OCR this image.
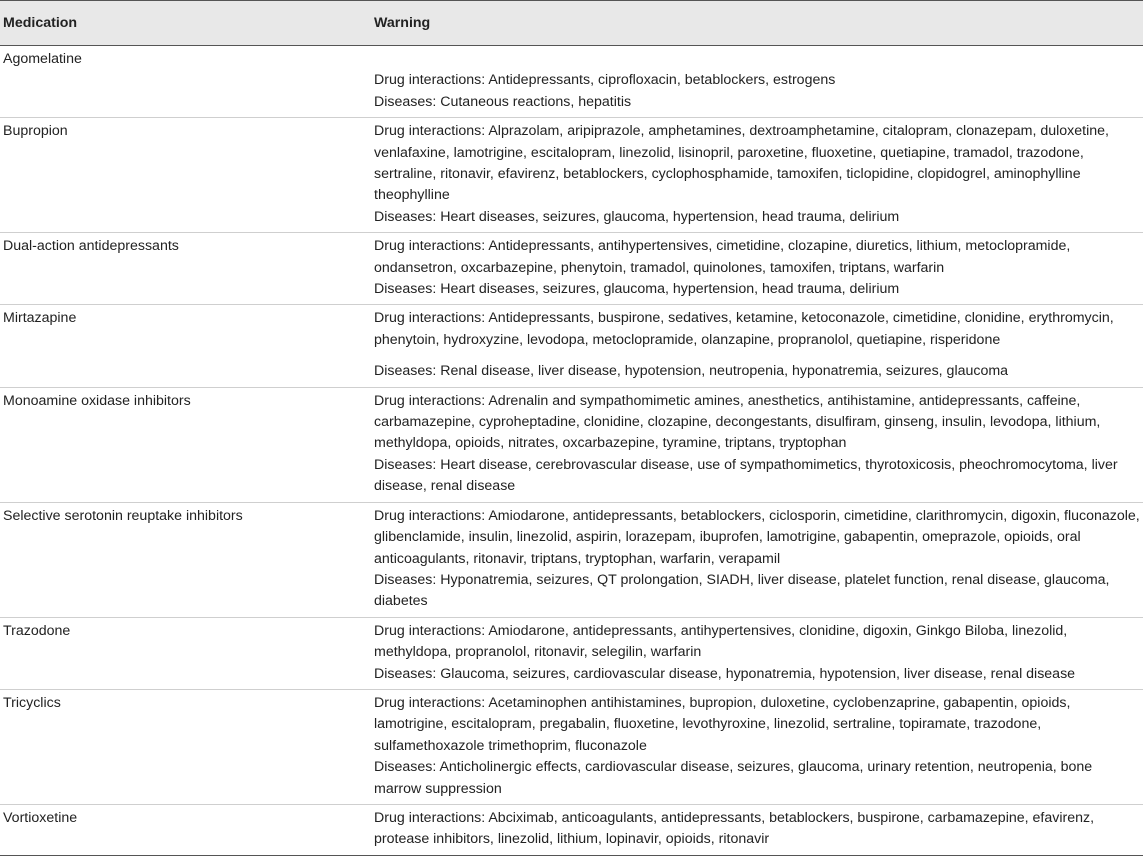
Medication	Warning
Agomelatine	Drug interactions: Antidepressants, ciprofloxacin, betablockers, estrogens
Diseases: Cutaneous reactions, hepatitis

Bupropion	Drug interactions: Alprazolam, aripiprazole, amphetamines, dextroamphetamine, citalopram, clonazepam, duloxetine, venlafaxine, lamotrigine, escitalopram, linezolid, lisinopril, paroxetine, fluoxetine, quetiapine, tramadol, trazodone, sertraline, ritonavir, efavirenz, betablockers, cyclophosphamide, tamoxifen, ticlopidine, clopidogrel, aminophylline theophylline
Diseases: Heart diseases, seizures, glaucoma, hypertension, head trauma, delirium

Dual-action antidepressants	Drug interactions: Antidepressants, antihypertensives, cimetidine, clozapine, diuretics, lithium, metoclopramide, ondansetron, oxcarbazepine, phenytoin, tramadol, quinolones, tamoxifen, triptans, warfarin
Diseases: Heart diseases, seizures, glaucoma, hypertension, head trauma, delirium

Mirtazapine	Drug interactions: Antidepressants, buspirone, sedatives, ketamine, ketoconazole, cimetidine, clonidine, erythromycin, phenytoin, hydroxyzine, levodopa, metoclopramide, olanzapine, propranolol, quetiapine, risperidone
Diseases: Renal disease, liver disease, hypotension, neutropenia, hyponatremia, seizures, glaucoma

Monoamine oxidase inhibitors	Drug interactions: Adrenalin and sympathomimetic amines, anesthetics, antihistamine, antidepressants, caffeine, carbamazepine, cyproheptadine, clonidine, clozapine, decongestants, disulfiram, ginseng, insulin, levodopa, lithium, methyldopa, opioids, nitrates, oxcarbazepine, tyramine, triptans, tryptophan
Diseases: Heart disease, cerebrovascular disease, use of sympathomimetics, thyrotoxicosis, pheochromocytoma, liver disease, renal disease

Selective serotonin reuptake inhibitors	Drug interactions: Amiodarone, antidepressants, betablockers, ciclosporin, cimetidine, clarithromycin, digoxin, fluconazole, glibenclamide, insulin, linezolid, aspirin, lorazepam, ibuprofen, lamotrigine, gabapentin, omeprazole, opioids, oral anticoagulants, ritonavir, triptans, tryptophan, warfarin, verapamil
Diseases: Hyponatremia, seizures, QT prolongation, SIADH, liver disease, platelet function, renal disease, glaucoma, diabetes

Trazodone	Drug interactions: Amiodarone, antidepressants, antihypertensives, clonidine, digoxin, Ginkgo Biloba, linezolid, methyldopa, propranolol, ritonavir, selegilin, warfarin
Diseases: Glaucoma, seizures, cardiovascular disease, hyponatremia, hypotension, liver disease, renal disease

Tricyclics	Drug interactions: Acetaminophen antihistamines, bupropion, duloxetine, cyclobenzaprine, gabapentin, opioids, lamotrigine, escitalopram, pregabalin, fluoxetine, levothyroxine, linezolid, sertraline, topiramate, trazodone, sulfamethoxazole trimethoprim, fluconazole
Diseases: Anticholinergic effects, cardiovascular disease, seizures, glaucoma, urinary retention, neutropenia, bone marrow suppression

Vortioxetine	Drug interactions: Abciximab, anticoagulants, antidepressants, betablockers, buspirone, carbamazepine, efavirenz, protease inhibitors, linezolid, lithium, lopinavir, opioids, ritonavir
